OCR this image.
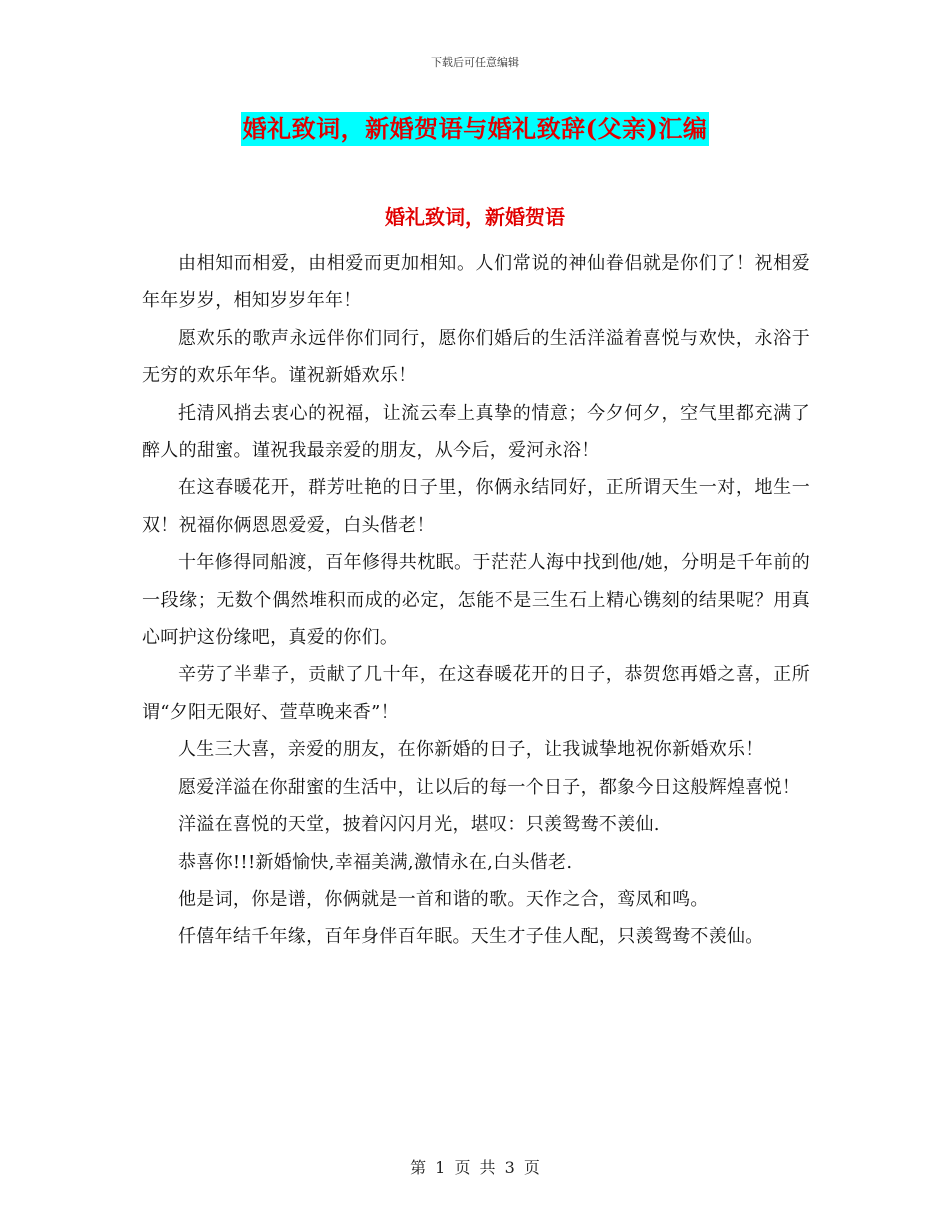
下载后可任意编辑
婚礼致词，新婚贺语与婚礼致辞(父亲)汇编
婚礼致词，新婚贺语

由相知而相爱，由相爱而更加相知。人们常说的神仙眷侣就是你们了！祝相爱年年岁岁，相知岁岁年年！

愿欢乐的歌声永远伴你们同行，愿你们婚后的生活洋溢着喜悦与欢快，永浴于无穷的欢乐年华。谨祝新婚欢乐！

托清风捎去衷心的祝福，让流云奉上真挚的情意；今夕何夕，空气里都充满了醉人的甜蜜。谨祝我最亲爱的朋友，从今后，爱河永浴！

在这春暖花开，群芳吐艳的日子里，你俩永结同好，正所谓天生一对，地生一双！祝福你俩恩恩爱爱，白头偕老！

十年修得同船渡，百年修得共枕眠。于茫茫人海中找到他/她，分明是千年前的一段缘；无数个偶然堆积而成的必定，怎能不是三生石上精心镌刻的结果呢？用真心呵护这份缘吧，真爱的你们。

辛劳了半辈子，贡献了几十年，在这春暖花开的日子，恭贺您再婚之喜，正所谓“夕阳无限好、萱草晚来香”！

人生三大喜，亲爱的朋友，在你新婚的日子，让我诚挚地祝你新婚欢乐！

愿爱洋溢在你甜蜜的生活中，让以后的每一个日子，都象今日这般辉煌喜悦！

洋溢在喜悦的天堂，披着闪闪月光，堪叹：只羡鸳鸯不羡仙.

恭喜你!!!新婚愉快,幸福美满,激情永在,白头偕老.

他是词，你是谱，你俩就是一首和谐的歌。天作之合，鸾凤和鸣。

仟僖年结千年缘，百年身伴百年眠。天生才子佳人配，只羡鸳鸯不羡仙。

第 1 页 共 3 页
